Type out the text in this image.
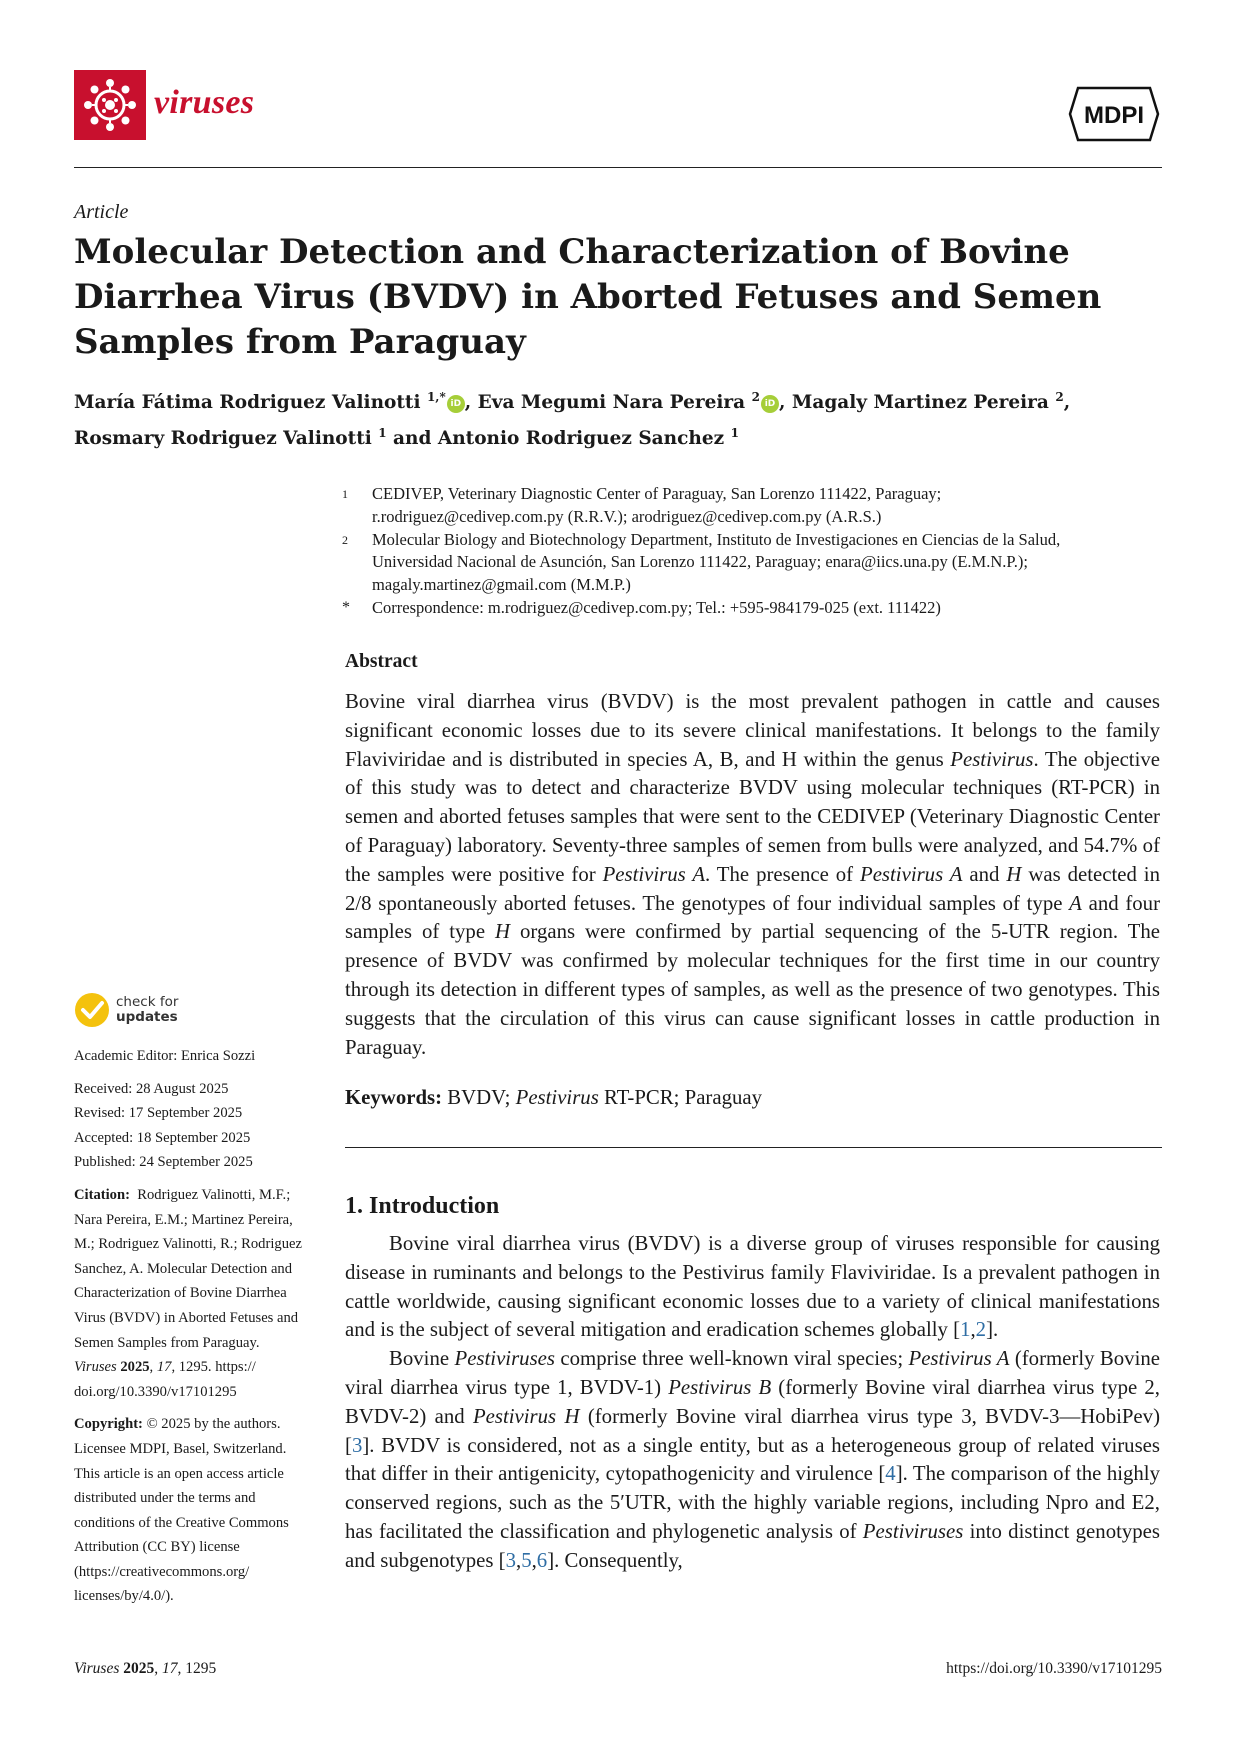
viruses	MDPI
Article
Molecular Detection and Characterization of Bovine Diarrhea Virus (BVDV) in Aborted Fetuses and Semen Samples from Paraguay
María Fátima Rodriguez Valinotti $^{1,*}$iD , Eva Megumi Nara Pereira $^2$iD , Magaly Martinez Pereira $^2$,
Rosmary Rodriguez Valinotti $^1$ and Antonio Rodriguez Sanchez $^1$
1	CEDIVEP, Veterinary Diagnostic Center of Paraguay, San Lorenzo 111422, Paraguay;
r.rodriguez@cedivep.com.py (R.R.V.); arodriguez@cedivep.com.py (A.R.S.)
2	Molecular Biology and Biotechnology Department, Instituto de Investigaciones en Ciencias de la Salud,
Universidad Nacional de Asunción, San Lorenzo 111422, Paraguay; enara@iics.una.py (E.M.N.P.);
magaly.martinez@gmail.com (M.M.P.)
*	Correspondence: m.rodriguez@cedivep.com.py; Tel.: +595-984179-025 (ext. 111422)
Abstract
Bovine viral diarrhea virus (BVDV) is the most prevalent pathogen in cattle and causes significant economic losses due to its severe clinical manifestations. It belongs to the family Flaviviridae and is distributed in species A, B, and H within the genus Pestivirus. The objective of this study was to detect and characterize BVDV using molecular techniques (RT-PCR) in semen and aborted fetuses samples that were sent to the CEDIVEP (Veterinary Diagnostic Center of Paraguay) laboratory. Seventy-three samples of semen from bulls were analyzed, and 54.7% of the samples were positive for Pestivirus A. The presence of Pestivirus A and H was detected in 2/8 spontaneously aborted fetuses. The genotypes of four individual samples of type A and four samples of type H organs were confirmed by partial sequencing of the 5-UTR region. The presence of BVDV was confirmed by molecular techniques for the first time in our country through its detection in different types of samples, as well as the presence of two genotypes. This suggests that the circulation of this virus can cause significant losses in cattle production in Paraguay.
Keywords: BVDV; Pestivirus RT-PCR; Paraguay
1. Introduction

Bovine viral diarrhea virus (BVDV) is a diverse group of viruses responsible for causing disease in ruminants and belongs to the Pestivirus family Flaviviridae. Is a prevalent pathogen in cattle worldwide, causing significant economic losses due to a variety of clinical manifestations and is the subject of several mitigation and eradication schemes globally [1,2].

Bovine Pestiviruses comprise three well-known viral species; Pestivirus A (formerly Bovine viral diarrhea virus type 1, BVDV-1) Pestivirus B (formerly Bovine viral diarrhea virus type 2, BVDV-2) and Pestivirus H (formerly Bovine viral diarrhea virus type 3, BVDV-3—HobiPev) [3]. BVDV is considered, not as a single entity, but as a heterogeneous group of related viruses that differ in their antigenicity, cytopathogenicity and virulence [4]. The comparison of the highly conserved regions, such as the 5′UTR, with the highly variable regions, including Npro and E2, has facilitated the classification and phylogenetic analysis of Pestiviruses into distinct genotypes and subgenotypes [3,5,6]. Consequently,

check for
updates
Academic Editor: Enrica Sozzi
Received: 28 August 2025
Revised: 17 September 2025
Accepted: 18 September 2025
Published: 24 September 2025
Citation:  Rodriguez Valinotti, M.F.;
Nara Pereira, E.M.; Martinez Pereira,
M.; Rodriguez Valinotti, R.; Rodriguez
Sanchez, A. Molecular Detection and
Characterization of Bovine Diarrhea
Virus (BVDV) in Aborted Fetuses and
Semen Samples from Paraguay.
Viruses 2025, 17, 1295. https://
doi.org/10.3390/v17101295
Copyright: © 2025 by the authors.
Licensee MDPI, Basel, Switzerland.
This article is an open access article
distributed under the terms and
conditions of the Creative Commons
Attribution (CC BY) license
(https://creativecommons.org/
licenses/by/4.0/).
Viruses 2025, 17, 1295	https://doi.org/10.3390/v17101295
